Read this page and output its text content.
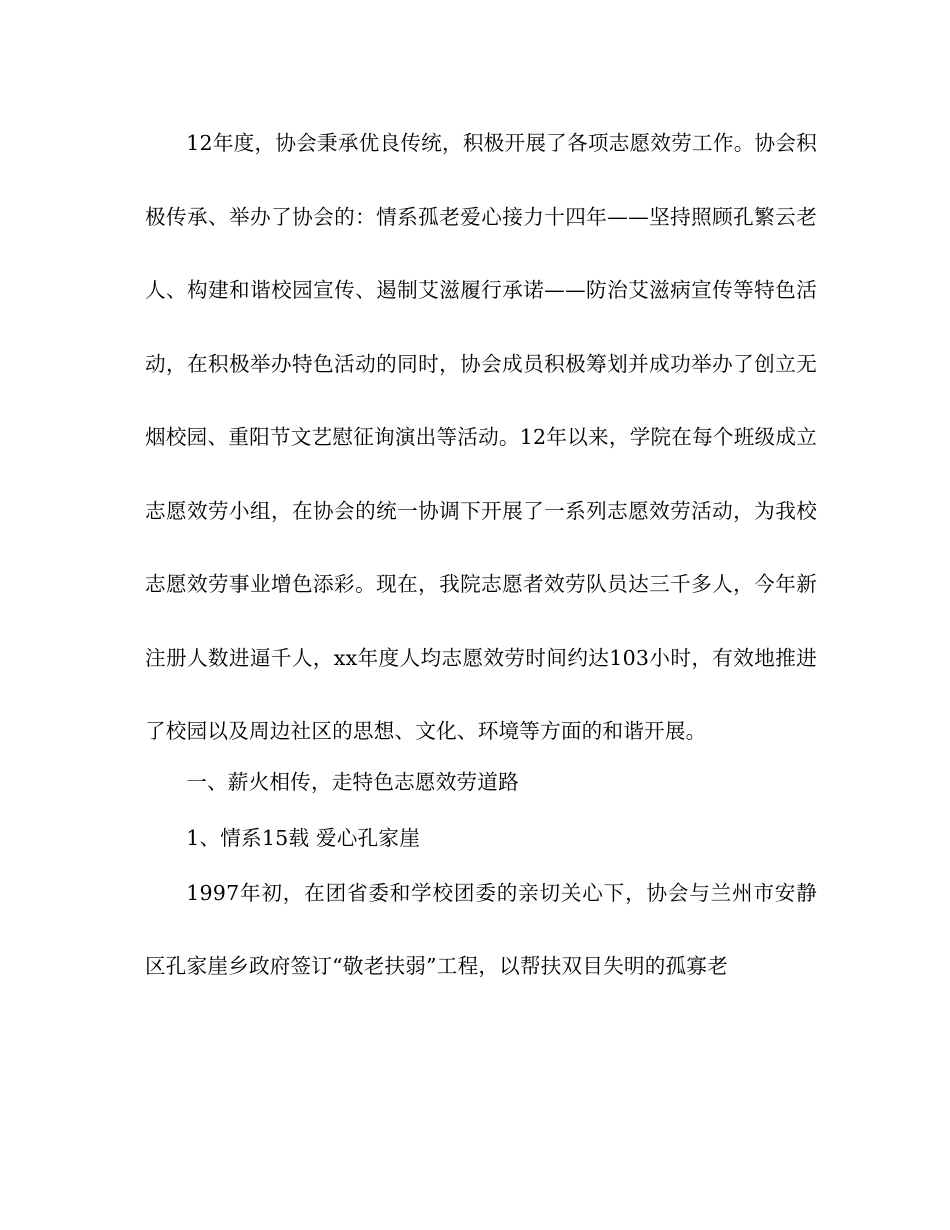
12年度，协会秉承优良传统，积极开展了各项志愿效劳工作。协会积极传承、举办了协会的：情系孤老爱心接力十四年——坚持照顾孔繁云老人、构建和谐校园宣传、遏制艾滋履行承诺——防治艾滋病宣传等特色活动，在积极举办特色活动的同时，协会成员积极筹划并成功举办了创立无烟校园、重阳节文艺慰征询演出等活动。12年以来，学院在每个班级成立志愿效劳小组，在协会的统一协调下开展了一系列志愿效劳活动，为我校志愿效劳事业增色添彩。现在，我院志愿者效劳队员达三千多人，今年新注册人数进逼千人，xx年度人均志愿效劳时间约达103小时，有效地推进了校园以及周边社区的思想、文化、环境等方面的和谐开展。

一、薪火相传，走特色志愿效劳道路

1、情系15载 爱心孔家崖

1997年初，在团省委和学校团委的亲切关心下，协会与兰州市安静区孔家崖乡政府签订“敬老扶弱”工程，以帮扶双目失明的孤寡老
